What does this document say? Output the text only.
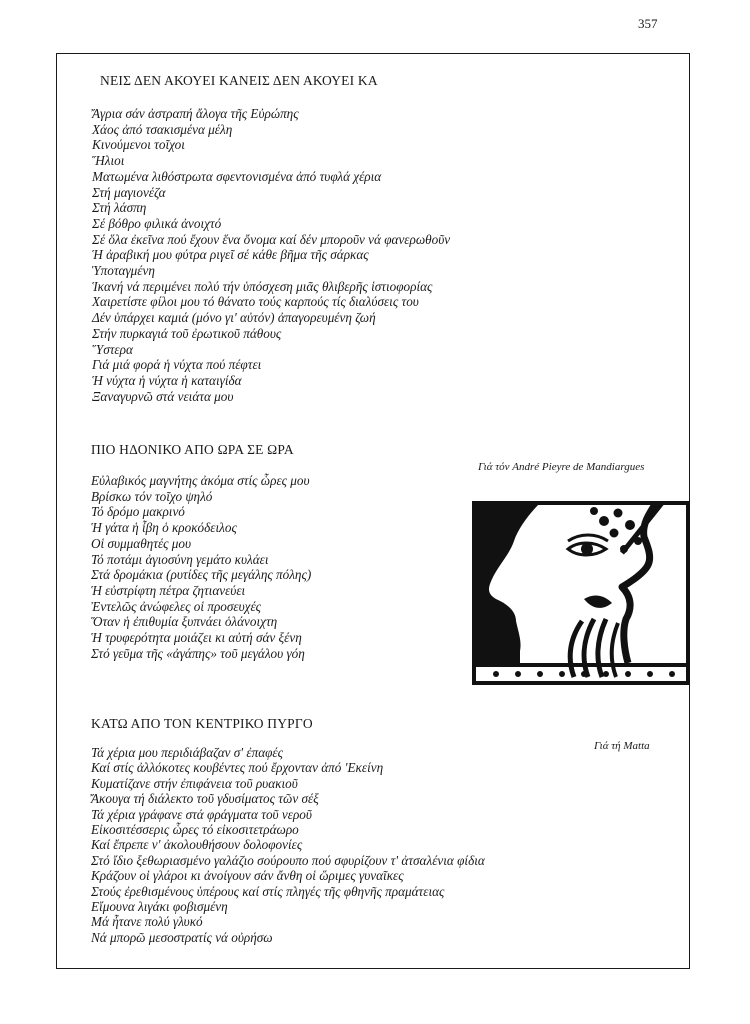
357
ΝΕΙΣ ΔΕΝ ΑΚΟΥΕΙ ΚΑΝΕΙΣ ΔΕΝ ΑΚΟΥΕΙ ΚΑ
Ἄγρια σάν ἀστραπή ἄλογα τῆς Εὐρώπης
Χάος ἀπό τσακισμένα μέλη
Κινούμενοι τοῖχοι
Ἥλιοι
Ματωμένα λιθόστρωτα σφεντονισμένα ἀπό τυφλά χέρια
Στή μαγιονέζα
Στή λάσπη
Σέ βόθρο φιλικά ἀνοιχτό
Σέ ὅλα ἐκεῖνα πού ἔχουν ἕνα ὄνομα καί δέν μποροῦν νά φανερωθοῦν
Ἡ ἀραβική μου φύτρα ριγεῖ σέ κάθε βῆμα τῆς σάρκας
Ὑποταγμένη
Ἱκανή νά περιμένει πολύ τήν ὑπόσχεση μιᾶς θλιβερῆς ἱστιοφορίας
Χαιρετίστε φίλοι μου τό θάνατο τούς καρπούς τίς διαλύσεις του
Δέν ὑπάρχει καμιά (μόνο γι' αὐτόν) ἀπαγορευμένη ζωή
Στήν πυρκαγιά τοῦ ἐρωτικοῦ πάθους
Ὕστερα
Γιά μιά φορά ἡ νύχτα πού πέφτει
Ἡ νύχτα ἡ νύχτα ἡ καταιγίδα
Ξαναγυρνῶ στά νειάτα μου
ΠΙΟ ΗΔΟΝΙΚΟ ΑΠΟ ΩΡΑ ΣΕ ΩΡΑ
Γιά τόν André Pieyre de Mandiargues
Εὐλαβικός μαγνήτης ἀκόμα στίς ὧρες μου
Βρίσκω τόν τοῖχο ψηλό
Τό δρόμο μακρινό
Ἡ γάτα ἡ ἶβη ὁ κροκόδειλος
Οἱ συμμαθητές μου
Τό ποτάμι ἁγιοσύνη γεμάτο κυλάει
Στά δρομάκια (ρυτίδες τῆς μεγάλης πόλης)
Ἡ εὐστρίφτη πέτρα ζητιανεύει
Ἐντελῶς ἀνώφελες οἱ προσευχές
Ὅταν ἡ ἐπιθυμία ξυπνάει ὁλάνοιχτη
Ἡ τρυφερότητα μοιάζει κι αὐτή σάν ξένη
Στό γεῦμα τῆς «ἀγάπης» τοῦ μεγάλου γόη
ΚΑΤΩ ΑΠΟ ΤΟΝ ΚΕΝΤΡΙΚΟ ΠΥΡΓΟ
Γιά τή Matta
Τά χέρια μου περιδιάβαζαν σ' ἐπαφές
Καί στίς ἀλλόκοτες κουβέντες πού ἔρχονταν ἀπό 'Εκείνη
Κυματίζανε στήν ἐπιφάνεια τοῦ ρυακιοῦ
Ἄκουγα τή διάλεκτο τοῦ γδυσίματος τῶν σέξ
Τά χέρια γράφανε στά φράγματα τοῦ νεροῦ
Εἰκοσιτέσσερις ὧρες τό εἰκοσιτετράωρο
Καί ἔπρεπε ν' ἀκολουθήσουν δολοφονίες
Στό ἴδιο ξεθωριασμένο γαλάζιο σούρουπο πού σφυρίζουν τ' ἀτσαλένια φίδια
Κράζουν οἱ γλάροι κι ἀνοίγουν σάν ἄνθη οἱ ὥριμες γυναῖκες
Στούς ἐρεθισμένους ὑπέρους καί στίς πληγές τῆς φθηνῆς πραμάτειας
Εἴμουνα λιγάκι φοβισμένη
Μά ἦτανε πολύ γλυκό
Νά μπορῶ μεσοστρατίς νά οὐρήσω
